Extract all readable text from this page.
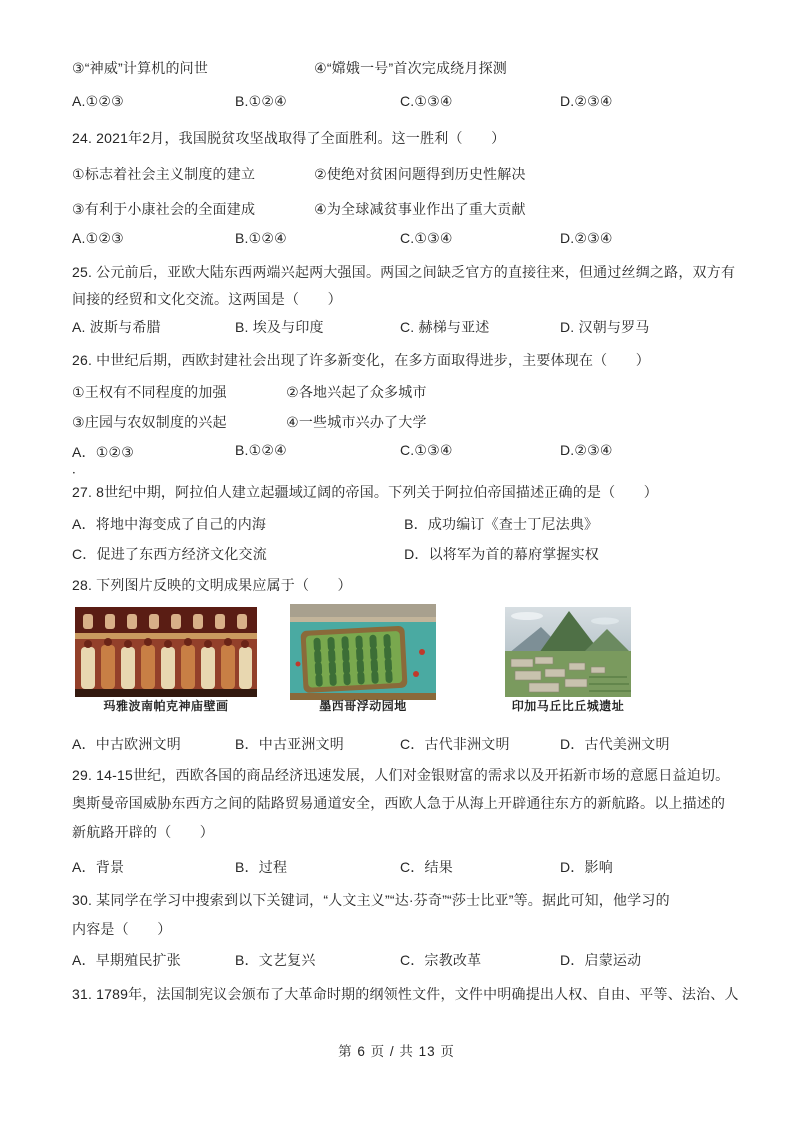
③“神威”计算机的问世	④“嫦娥一号”首次完成绕月探测
A.①②③	B.①②④	C.①③④	D.②③④
24. 2021年2月，我国脱贫攻坚战取得了全面胜利。这一胜利（　　）
①标志着社会主义制度的建立	②使绝对贫困问题得到历史性解决
③有利于小康社会的全面建成	④为全球减贫事业作出了重大贡献
A.①②③	B.①②④	C.①③④	D.②③④
25. 公元前后，亚欧大陆东西两端兴起两大强国。两国之间缺乏官方的直接往来，但通过丝绸之路，双方有
间接的经贸和文化交流。这两国是（　　）
A. 波斯与希腊	B. 埃及与印度	C. 赫梯与亚述	D. 汉朝与罗马
26. 中世纪后期，西欧封建社会出现了许多新变化，在多方面取得进步，主要体现在（　　）
①王权有不同程度的加强	②各地兴起了众多城市
③庄园与农奴制度的兴起	④一些城市兴办了大学
A．①②③	B.①②④	C.①③④	D.②③④
．
27. 8世纪中期，阿拉伯人建立起疆域辽阔的帝国。下列关于阿拉伯帝国描述正确的是（　　）
A．将地中海变成了自己的内海	B．成功编订《查士丁尼法典》
C．促进了东西方经济文化交流	D．以将军为首的幕府掌握实权
28. 下列图片反映的文明成果应属于（　　）
玛雅波南帕克神庙壁画	墨西哥浮动园地	印加马丘比丘城遗址
A．中古欧洲文明	B．中古亚洲文明	C．古代非洲文明	D．古代美洲文明
29. 14-15世纪，西欧各国的商品经济迅速发展，人们对金银财富的需求以及开拓新市场的意愿日益迫切。
奥斯曼帝国威胁东西方之间的陆路贸易通道安全，西欧人急于从海上开辟通往东方的新航路。以上描述的
新航路开辟的（　　）
A．背景	B．过程	C．结果	D．影响
30. 某同学在学习中搜索到以下关键词，“人文主义”“达·芬奇”“莎士比亚”等。据此可知，他学习的
内容是（　　）
A．早期殖民扩张	B．文艺复兴	C．宗教改革	D．启蒙运动
31. 1789年，法国制宪议会颁布了大革命时期的纲领性文件，文件中明确提出人权、自由、平等、法治、人
第 6 页 / 共 13 页
